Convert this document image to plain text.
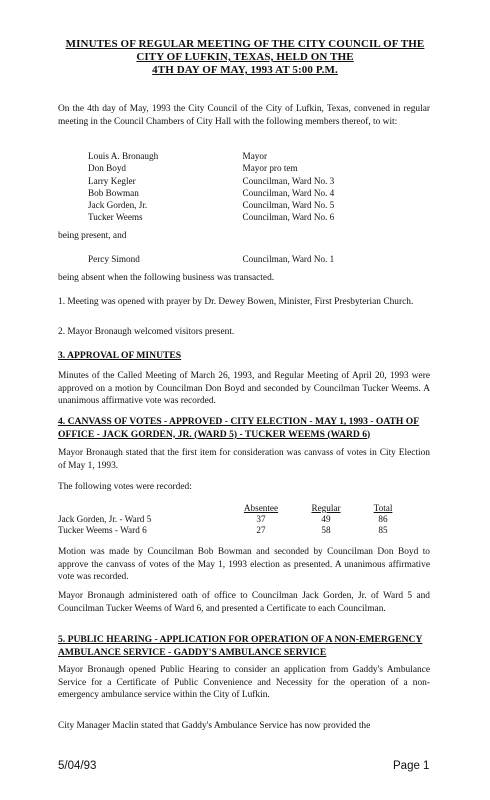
MINUTES OF REGULAR MEETING OF THE CITY COUNCIL OF THE
CITY OF LUFKIN, TEXAS, HELD ON THE
4TH DAY OF MAY, 1993 AT 5:00 P.M.
On the 4th day of May, 1993 the City Council of the City of Lufkin, Texas, convened in regular meeting in the Council Chambers of City Hall with the following members thereof, to wit:
Louis A. Bronaugh	Mayor
Don Boyd	Mayor pro tem
Larry Kegler	Councilman, Ward No. 3
Bob Bowman	Councilman, Ward No. 4
Jack Gorden, Jr.	Councilman, Ward No. 5
Tucker Weems	Councilman, Ward No. 6
being present, and
Percy Simond	Councilman, Ward No. 1
being absent when the following business was transacted.
1. Meeting was opened with prayer by Dr. Dewey Bowen, Minister, First Presbyterian Church.
2. Mayor Bronaugh welcomed visitors present.
3. APPROVAL OF MINUTES
Minutes of the Called Meeting of March 26, 1993, and Regular Meeting of April 20, 1993 were approved on a motion by Councilman Don Boyd and seconded by Councilman Tucker Weems. A unanimous affirmative vote was recorded.
4. CANVASS OF VOTES - APPROVED - CITY ELECTION - MAY 1, 1993 - OATH OF OFFICE - JACK GORDEN, JR. (WARD 5) - TUCKER WEEMS (WARD 6)
Mayor Bronaugh stated that the first item for consideration was canvass of votes in City Election of May 1, 1993.
The following votes were recorded:
	Absentee	Regular	Total
Jack Gorden, Jr. - Ward 5	37	49	86
Tucker Weems - Ward 6	27	58	85
Motion was made by Councilman Bob Bowman and seconded by Councilman Don Boyd to approve the canvass of votes of the May 1, 1993 election as presented. A unanimous affirmative vote was recorded.
Mayor Bronaugh administered oath of office to Councilman Jack Gorden, Jr. of Ward 5 and Councilman Tucker Weems of Ward 6, and presented a Certificate to each Councilman.
5. PUBLIC HEARING - APPLICATION FOR OPERATION OF A NON-EMERGENCY AMBULANCE SERVICE - GADDY'S AMBULANCE SERVICE
Mayor Bronaugh opened Public Hearing to consider an application from Gaddy's Ambulance Service for a Certificate of Public Convenience and Necessity for the operation of a non-emergency ambulance service within the City of Lufkin.
City Manager Maclin stated that Gaddy's Ambulance Service has now provided the
5/04/93	Page 1
